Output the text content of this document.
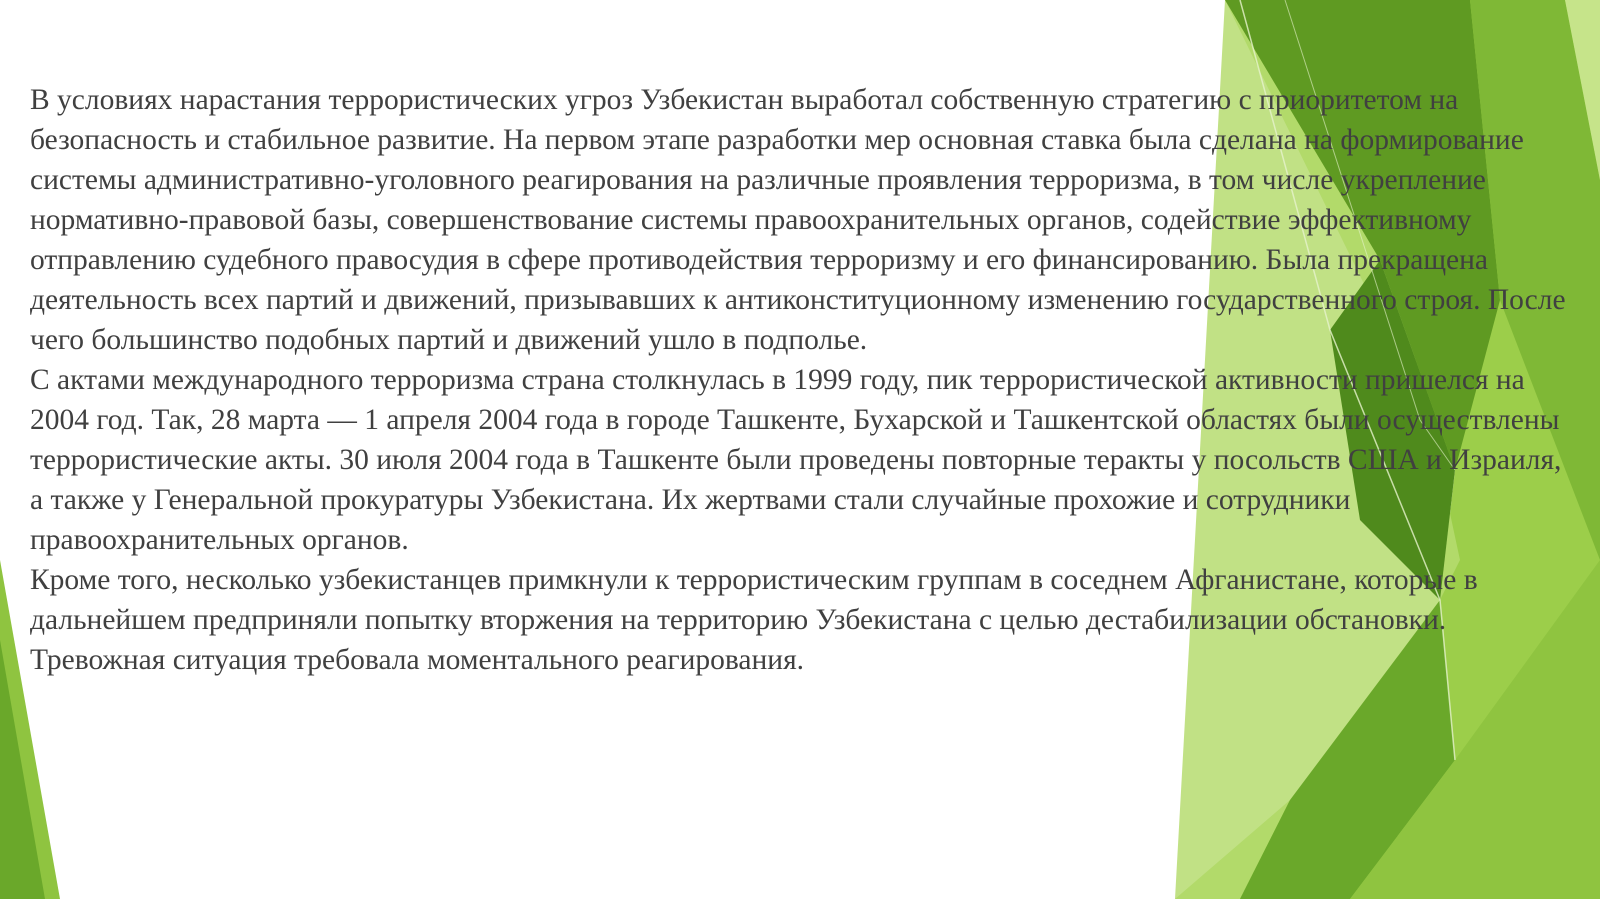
В условиях нарастания террористических угроз Узбекистан выработал собственную стратегию с приоритетом на безопасность и стабильное развитие. На первом этапе разработки мер основная ставка была сделана на формирование системы административно-уголовного реагирования на различные проявления терроризма, в том числе укрепление нормативно-правовой базы, совершенствование системы правоохранительных органов, содействие эффективному отправлению судебного правосудия в сфере противодействия терроризму и его финансированию. Была прекращена деятельность всех партий и движений, призывавших к антиконституционному изменению государственного строя. После чего большинство подобных партий и движений ушло в подполье.

С актами международного терроризма страна столкнулась в 1999 году, пик террористической активности пришелся на 2004 год. Так, 28 марта — 1 апреля 2004 года в городе Ташкенте, Бухарской и Ташкентской областях были осуществлены террористические акты. 30 июля 2004 года в Ташкенте были проведены повторные теракты у посольств США и Израиля, а также у Генеральной прокуратуры Узбекистана. Их жертвами стали случайные прохожие и сотрудники правоохранительных органов.

Кроме того, несколько узбекистанцев примкнули к террористическим группам в соседнем Афганистане, которые в дальнейшем предприняли попытку вторжения на территорию Узбекистана с целью дестабилизации обстановки.

Тревожная ситуация требовала моментального реагирования.
